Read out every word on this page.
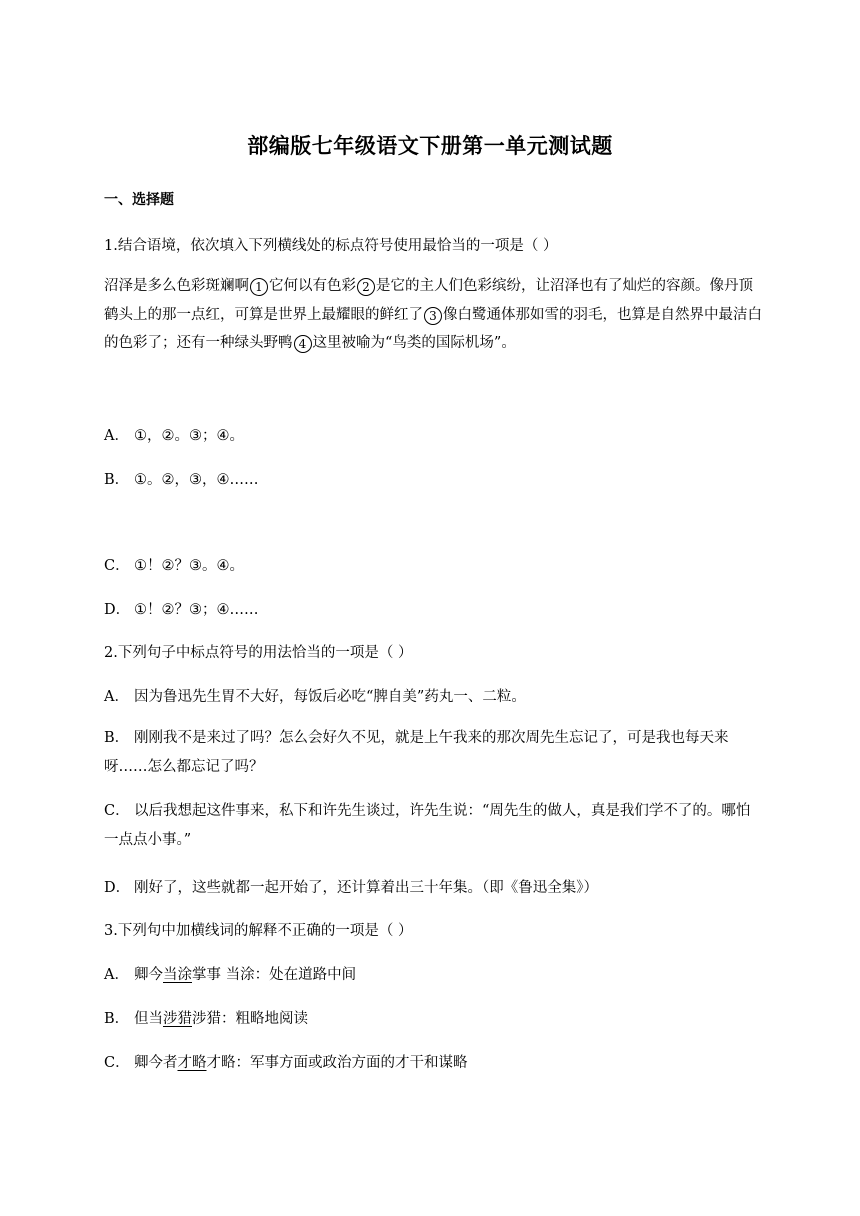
部编版七年级语文下册第一单元测试题
一、选择题
1.结合语境，依次填入下列横线处的标点符号使用最恰当的一项是（ ）
沼泽是多么色彩斑斓啊 1 它何以有色彩 2 是它的主人们色彩缤纷，让沼泽也有了灿烂的容颜。像丹顶鹤头上的那一点红，可算是世界上最耀眼的鲜红了 3 像白鹭通体那如雪的羽毛，也算是自然界中最洁白的色彩了；还有一种绿头野鸭 4 这里被喻为“鸟类的国际机场”。
A． ①，②。③；④。
B． ①。②，③，④……
C． ①！②？③。④。
D． ①！②？③；④……
2.下列句子中标点符号的用法恰当的一项是（ ）
A． 因为鲁迅先生胃不大好，每饭后必吃“脾自美”药丸一、二粒。
B． 刚刚我不是来过了吗？怎么会好久不见，就是上午我来的那次周先生忘记了，可是我也每天来呀……怎么都忘记了吗？
C． 以后我想起这件事来，私下和许先生谈过，许先生说：“周先生的做人，真是我们学不了的。哪怕一点点小事。”
D． 刚好了，这些就都一起开始了，还计算着出三十年集。（即《鲁迅全集》）
3.下列句中加横线词的解释不正确的一项是（ ）
A． 卿今当涂掌事 当涂：处在道路中间
B． 但当涉猎涉猎：粗略地阅读
C． 卿今者才略才略：军事方面或政治方面的才干和谋略
